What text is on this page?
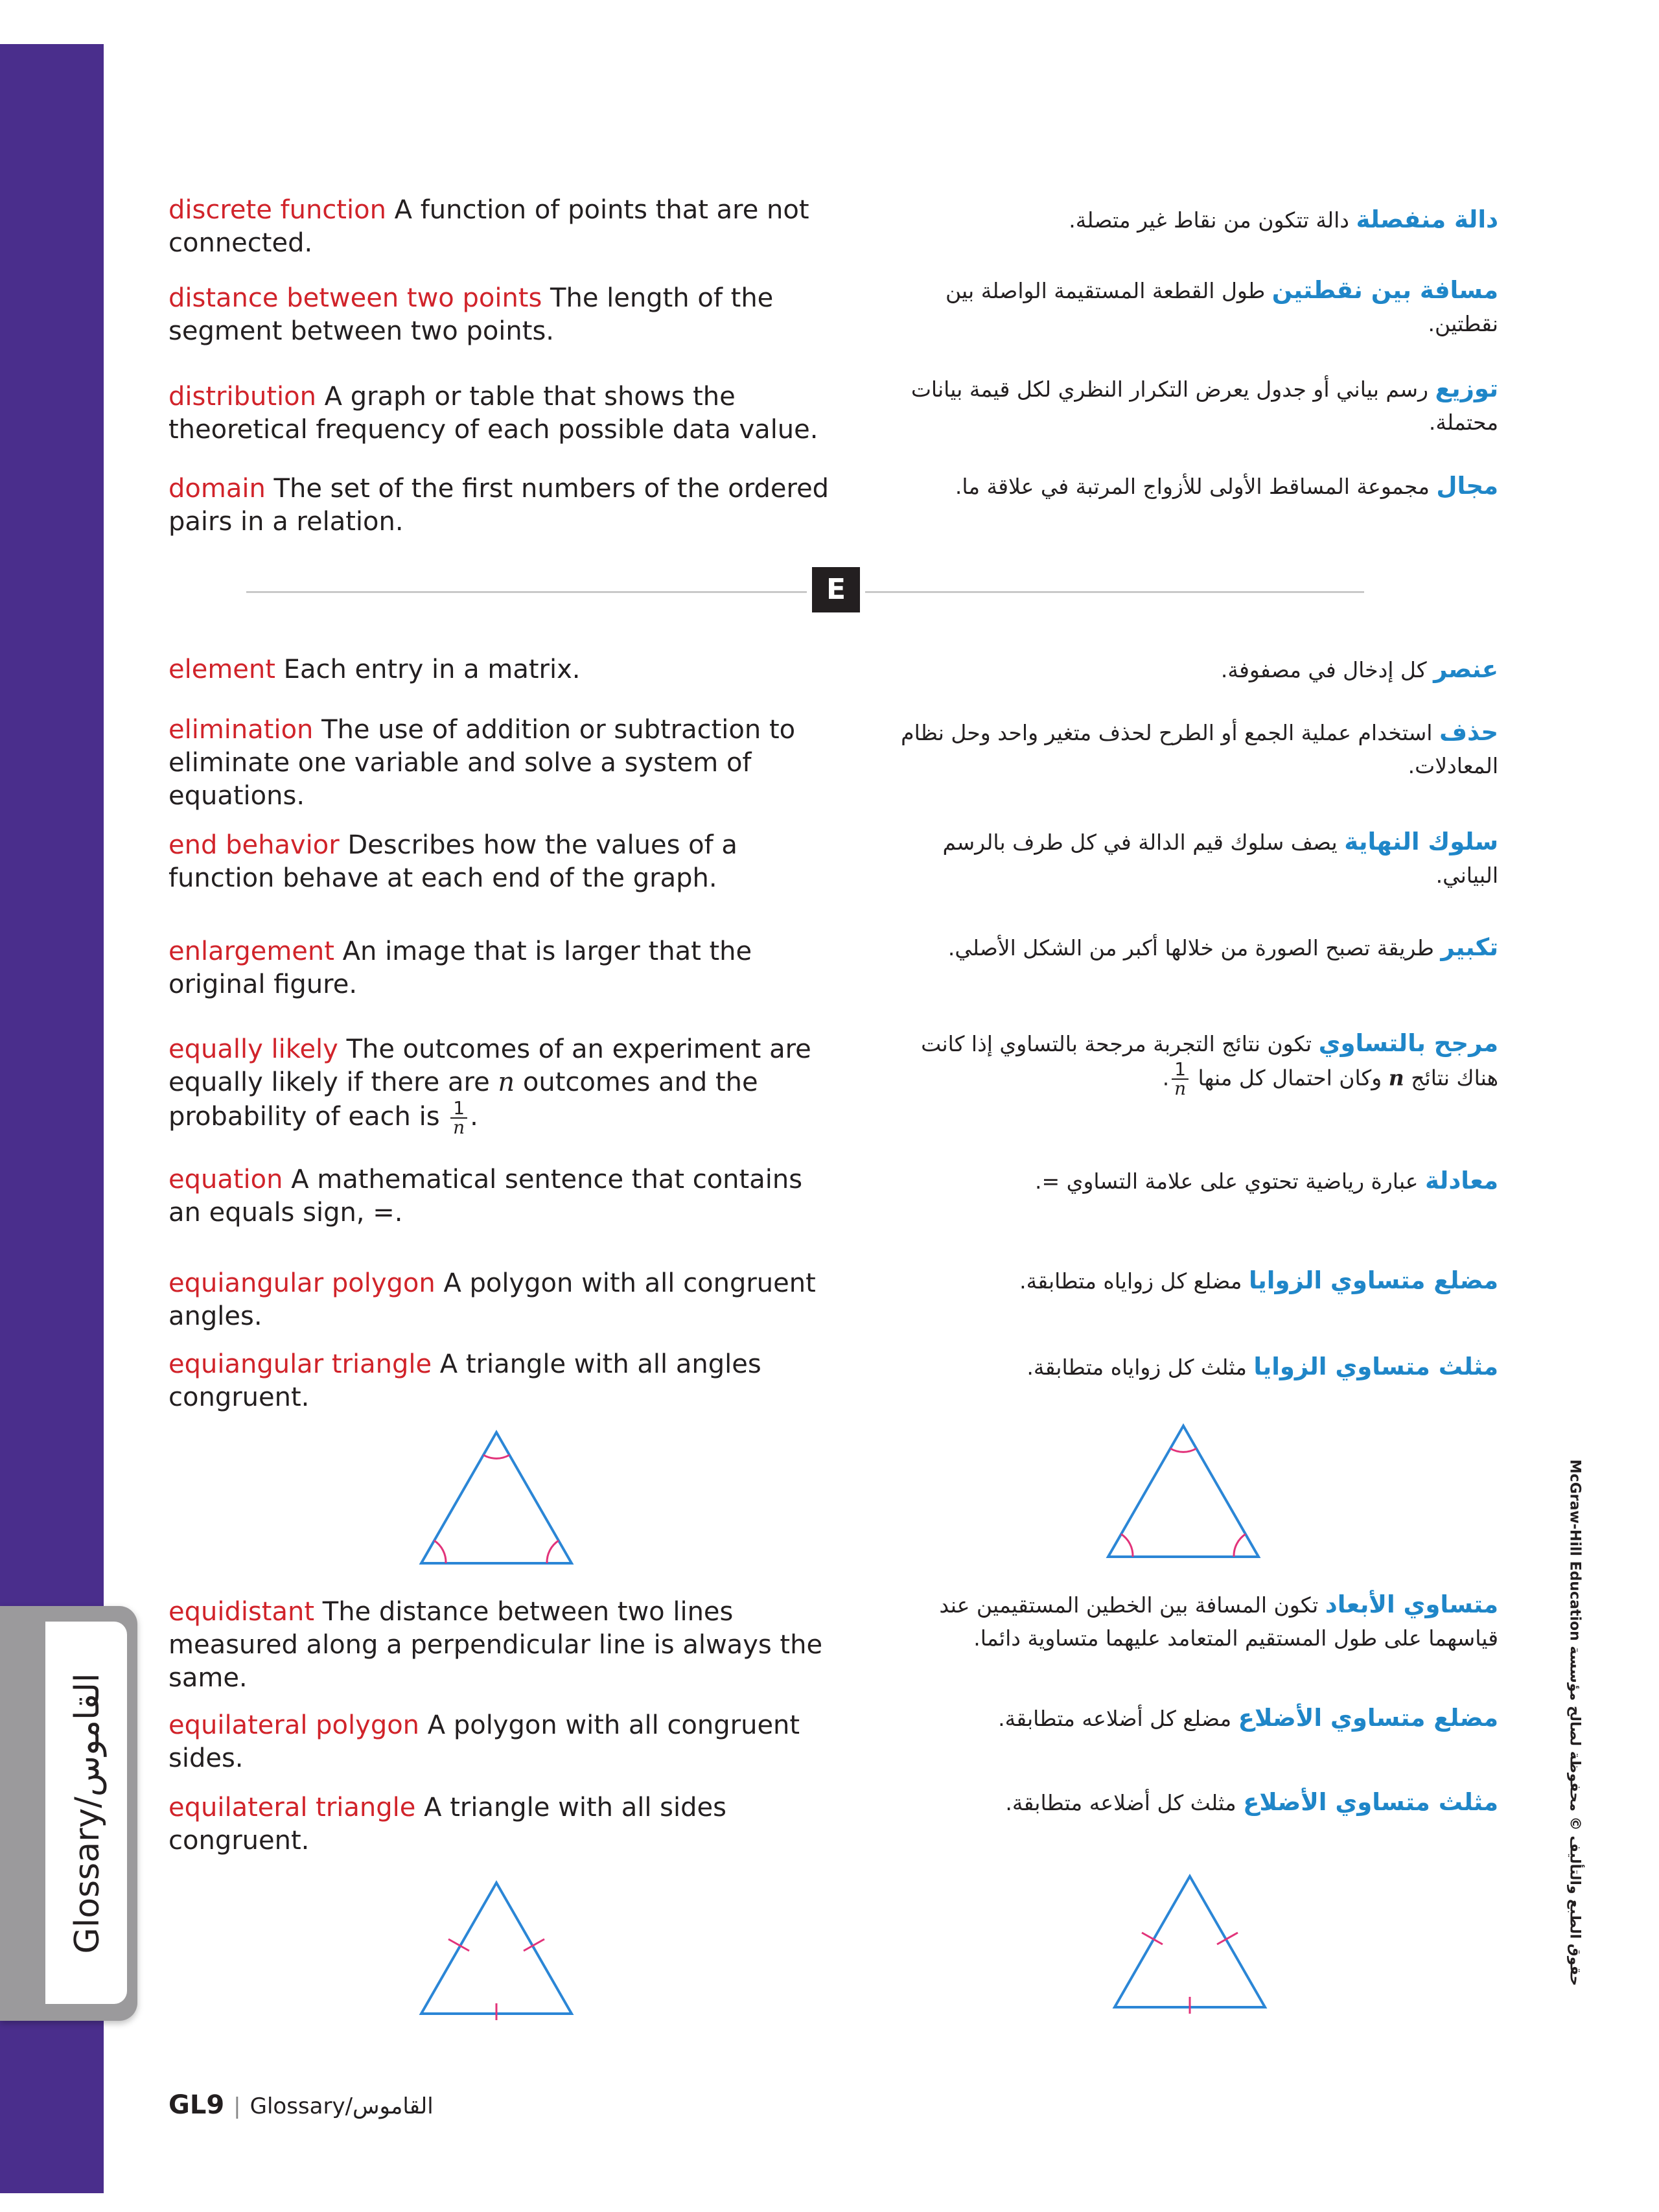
Glossary/القاموس
McGraw-Hill Education حقوق الطبع والتأليف © محفوظة لصالح مؤسسة
discrete function A function of points that are not connected.
دالة منفصلة دالة تتكون من نقاط غير متصلة.
distance between two points The length of the segment between two points.
مسافة بين نقطتين طول القطعة المستقيمة الواصلة بين نقطتين.
distribution A graph or table that shows the theoretical frequency of each possible data value.
توزيع رسم بياني أو جدول يعرض التكرار النظري لكل قيمة بيانات محتملة.
domain The set of the first numbers of the ordered pairs in a relation.
مجال مجموعة المساقط الأولى للأزواج المرتبة في علاقة ما.
E
element Each entry in a matrix.	عنصر كل إدخال في مصفوفة.
elimination The use of addition or subtraction to eliminate one variable and solve a system of equations.
حذف استخدام عملية الجمع أو الطرح لحذف متغير واحد وحل نظام المعادلات.
end behavior Describes how the values of a function behave at each end of the graph.
سلوك النهاية يصف سلوك قيم الدالة في كل طرف بالرسم البياني.
enlargement An image that is larger that the original figure.
تكبير طريقة تصبح الصورة من خلالها أكبر من الشكل الأصلي.
equally likely The outcomes of an experiment are equally likely if there are n outcomes and the probability of each is $\frac{1}{n}$ .
مرجح بالتساوي تكون نتائج التجربة مرجحة بالتساوي إذا كانت هناك نتائج n وكان احتمال كل منها
$\frac{1}{n}$
.
equation A mathematical sentence that contains an equals sign, =.
معادلة عبارة رياضية تحتوي على علامة التساوي =.
equiangular polygon A polygon with all congruent angles.
مضلع متساوي الزوايا مضلع كل زواياه متطابقة.
equiangular triangle A triangle with all angles congruent.
مثلث متساوي الزوايا مثلث كل زواياه متطابقة.
equidistant The distance between two lines measured along a perpendicular line is always the same.
متساوي الأبعاد تكون المسافة بين الخطين المستقيمين عند قياسهما على طول المستقيم المتعامد عليهما متساوية دائما.
equilateral polygon A polygon with all congruent sides.
مضلع متساوي الأضلاع مضلع كل أضلاعه متطابقة.
equilateral triangle A triangle with all sides congruent.
مثلث متساوي الأضلاع مثلث كل أضلاعه متطابقة.
GL9 | Glossary/القاموس
